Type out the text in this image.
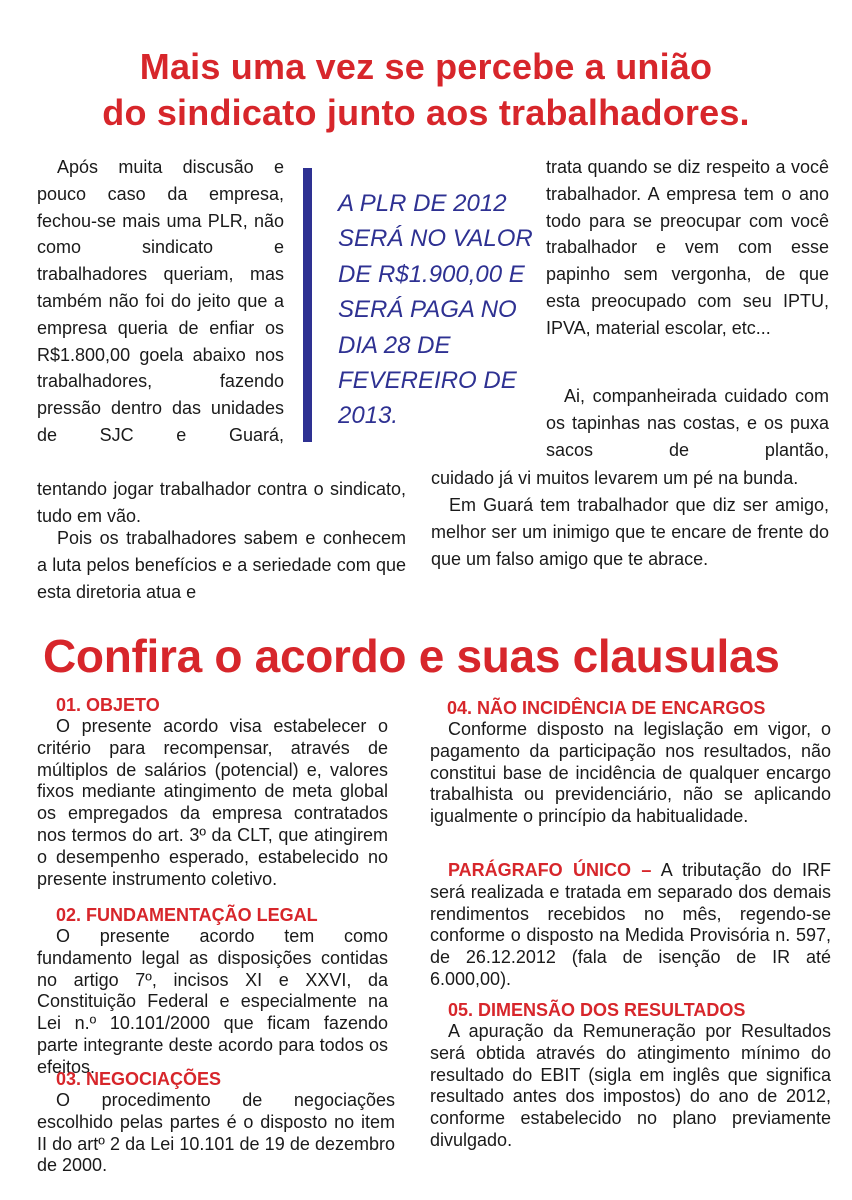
Mais uma vez se percebe a união
do sindicato junto aos trabalhadores.

Após muita discusão e pouco caso da empresa, fechou-se mais uma PLR, não como sindicato e trabalhadores queriam, mas também não foi do jeito que a empresa queria de enfiar os R$1.800,00 goela abaixo nos trabalhadores, fazendo pressão dentro das unidades de SJC e Guará,

tentando jogar trabalhador contra o sindicato, tudo em vão.

Pois os trabalhadores sabem e conhecem a luta pelos benefícios e a seriedade com que esta diretoria atua e

A PLR DE 2012
SERÁ NO VALOR
DE R$1.900,00 E
SERÁ PAGA NO
DIA 28 DE
FEVEREIRO DE
2013.

trata quando se diz respeito a você trabalhador. A empresa tem o ano todo para se preocupar com você trabalhador e vem com esse papinho sem vergonha, de que esta preocupado com seu IPTU, IPVA, material escolar, etc...

Ai, companheirada cuidado com os tapinhas nas costas, e os puxa sacos de plantão,

cuidado já vi muitos levarem um pé na bunda.

Em Guará tem trabalhador que diz ser amigo, melhor ser um inimigo que te encare de frente do que um falso amigo que te abrace.

Confira o acordo e suas clausulas
01. OBJETO

O presente acordo visa estabelecer o critério para recompensar, através de múltiplos de salários (potencial) e, valores fixos mediante atingimento de meta global os empregados da empresa contratados nos termos do art. 3º da CLT, que atingirem o desempenho esperado, estabelecido no presente instrumento coletivo.

02. FUNDAMENTAÇÃO LEGAL

O presente acordo tem como fundamento legal as disposições contidas no artigo 7º, incisos XI e XXVI, da Constituição Federal e especialmente na Lei n.º 10.101/2000 que ficam fazendo parte integrante deste acordo para todos os efeitos.

03. NEGOCIAÇÕES

O procedimento de negociações escolhido pelas partes é o disposto no item II do artº 2 da Lei 10.101 de 19 de dezembro de 2000.

04. NÃO INCIDÊNCIA DE ENCARGOS

Conforme disposto na legislação em vigor, o pagamento da participação nos resultados, não constitui base de incidência de qualquer encargo trabalhista ou previdenciário, não se aplicando igualmente o princípio da habitualidade.

PARÁGRAFO ÚNICO – A tributação do IRF será realizada e tratada em separado dos demais rendimentos recebidos no mês, regendo-se conforme o disposto na Medida Provisória n. 597, de 26.12.2012 (fala de isenção de IR até 6.000,00).

05. DIMENSÃO DOS RESULTADOS

A apuração da Remuneração por Resultados será obtida através do atingimento mínimo do resultado do EBIT (sigla em inglês que significa resultado antes dos impostos) do ano de 2012, conforme estabelecido no plano previamente divulgado.
